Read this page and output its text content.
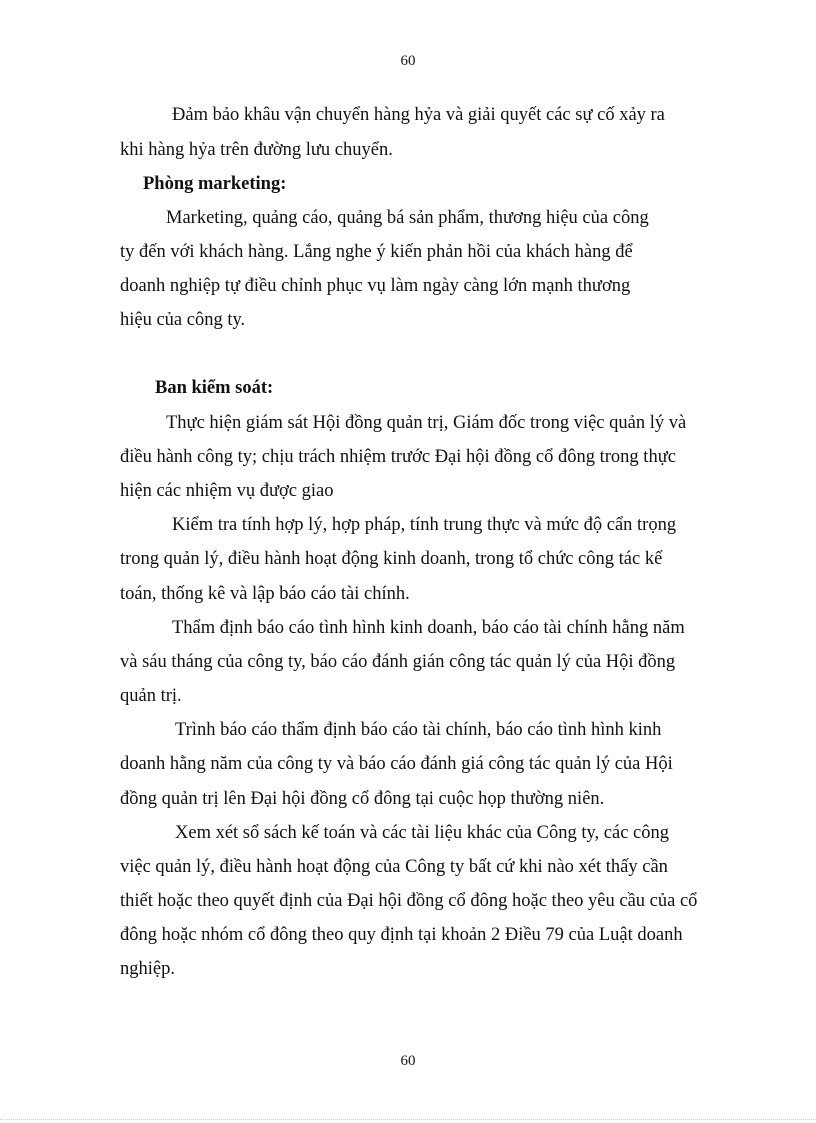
60
Đảm bảo khâu vận chuyển hàng hỷa và giải quyết các sự cố xảy ra
khi hàng hỷa trên đường lưu chuyển.
Phòng marketing:
Marketing, quảng cáo, quảng bá sản phẩm, thương hiệu của công
ty đến với khách hàng. Lắng nghe ý kiến phản hồi của khách hàng để
doanh nghiệp tự điều chỉnh phục vụ làm ngày càng lớn mạnh thương
hiệu của công ty.
Ban kiểm soát:
Thực hiện giám sát Hội đồng quản trị, Giám đốc trong việc quản lý và
điều hành công ty; chịu trách nhiệm trước Đại hội đồng cổ đông trong thực
hiện các nhiệm vụ được giao
Kiểm tra tính hợp lý, hợp pháp, tính trung thực và mức độ cẩn trọng
trong quản lý, điều hành hoạt động kinh doanh, trong tổ chức công tác kế
toán, thống kê và lập báo cáo tài chính.
Thẩm định báo cáo tình hình kinh doanh, báo cáo tài chính hằng năm
và sáu tháng của công ty, báo cáo đánh gián công tác quản lý của Hội đồng
quản trị.
Trình báo cáo thẩm định báo cáo tài chính, báo cáo tình hình kinh
doanh hằng năm của công ty và báo cáo đánh giá công tác quản lý của Hội
đồng quản trị lên Đại hội đồng cổ đông tại cuộc họp thường niên.
Xem xét sổ sách kế toán và các tài liệu khác của Công ty, các công
việc quản lý, điều hành hoạt động của Công ty bất cứ khi nào xét thấy cần
thiết hoặc theo quyết định của Đại hội đồng cổ đông hoặc theo yêu cầu của cổ
đông hoặc nhóm cổ đông theo quy định tại khoản 2 Điều 79 của Luật doanh
nghiệp.
60
